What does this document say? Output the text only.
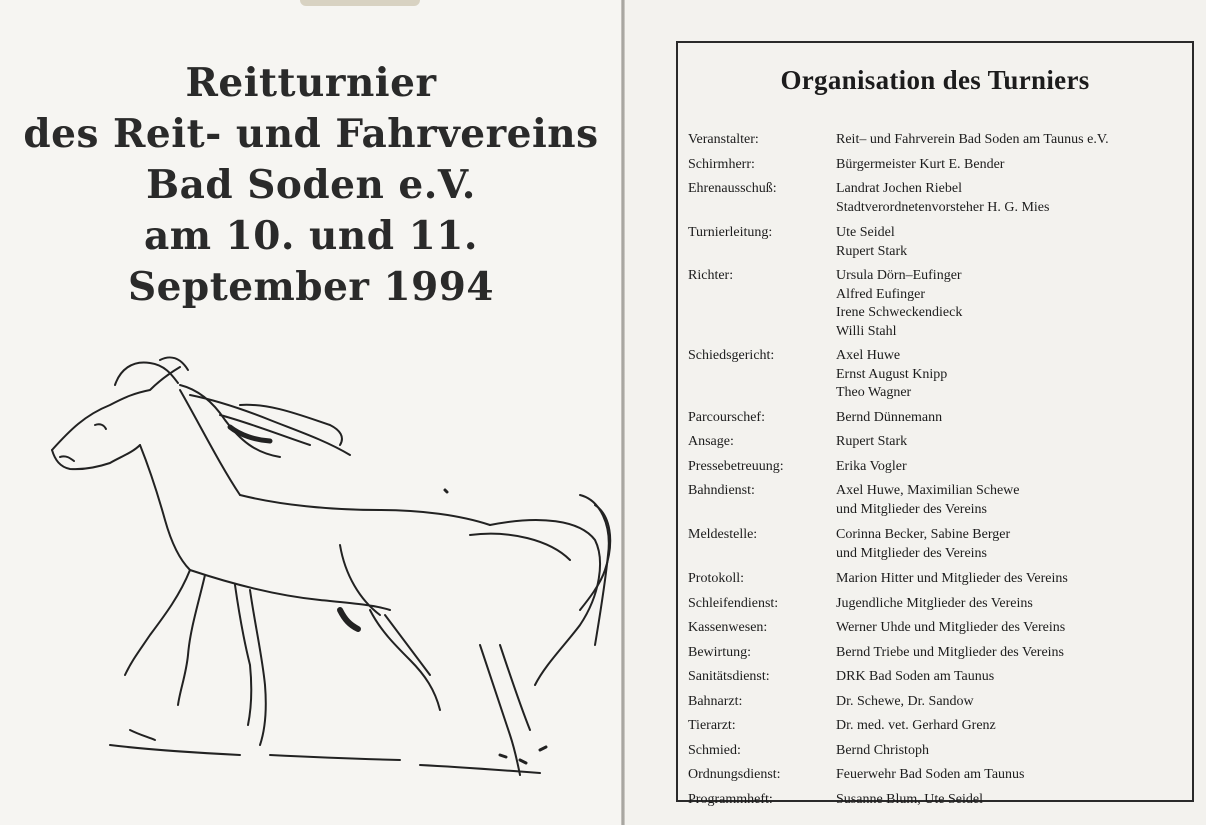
Reitturnier
des Reit- und Fahrvereins
Bad Soden e.V.
am 10. und 11. September 1994
Organisation des Turniers
Veranstalter:	Reit– und Fahrverein Bad Soden am Taunus e.V.
Schirmherr:	Bürgermeister Kurt E. Bender
Ehrenausschuß:	Landrat Jochen Riebel
Stadtverordnetenvorsteher H. G. Mies
Turnierleitung:	Ute Seidel
Rupert Stark
Richter:	Ursula Dörn–Eufinger
Alfred Eufinger
Irene Schweckendieck
Willi Stahl
Schiedsgericht:	Axel Huwe
Ernst August Knipp
Theo Wagner
Parcourschef:	Bernd Dünnemann
Ansage:	Rupert Stark
Pressebetreuung:	Erika Vogler
Bahndienst:	Axel Huwe, Maximilian Schewe
und Mitglieder des Vereins
Meldestelle:	Corinna Becker, Sabine Berger
und Mitglieder des Vereins
Protokoll:	Marion Hitter und Mitglieder des Vereins
Schleifendienst:	Jugendliche Mitglieder des Vereins
Kassenwesen:	Werner Uhde und Mitglieder des Vereins
Bewirtung:	Bernd Triebe und Mitglieder des Vereins
Sanitätsdienst:	DRK Bad Soden am Taunus
Bahnarzt:	Dr. Schewe, Dr. Sandow
Tierarzt:	Dr. med. vet. Gerhard Grenz
Schmied:	Bernd Christoph
Ordnungsdienst:	Feuerwehr Bad Soden am Taunus
Programmheft:	Susanne Blum, Ute Seidel
